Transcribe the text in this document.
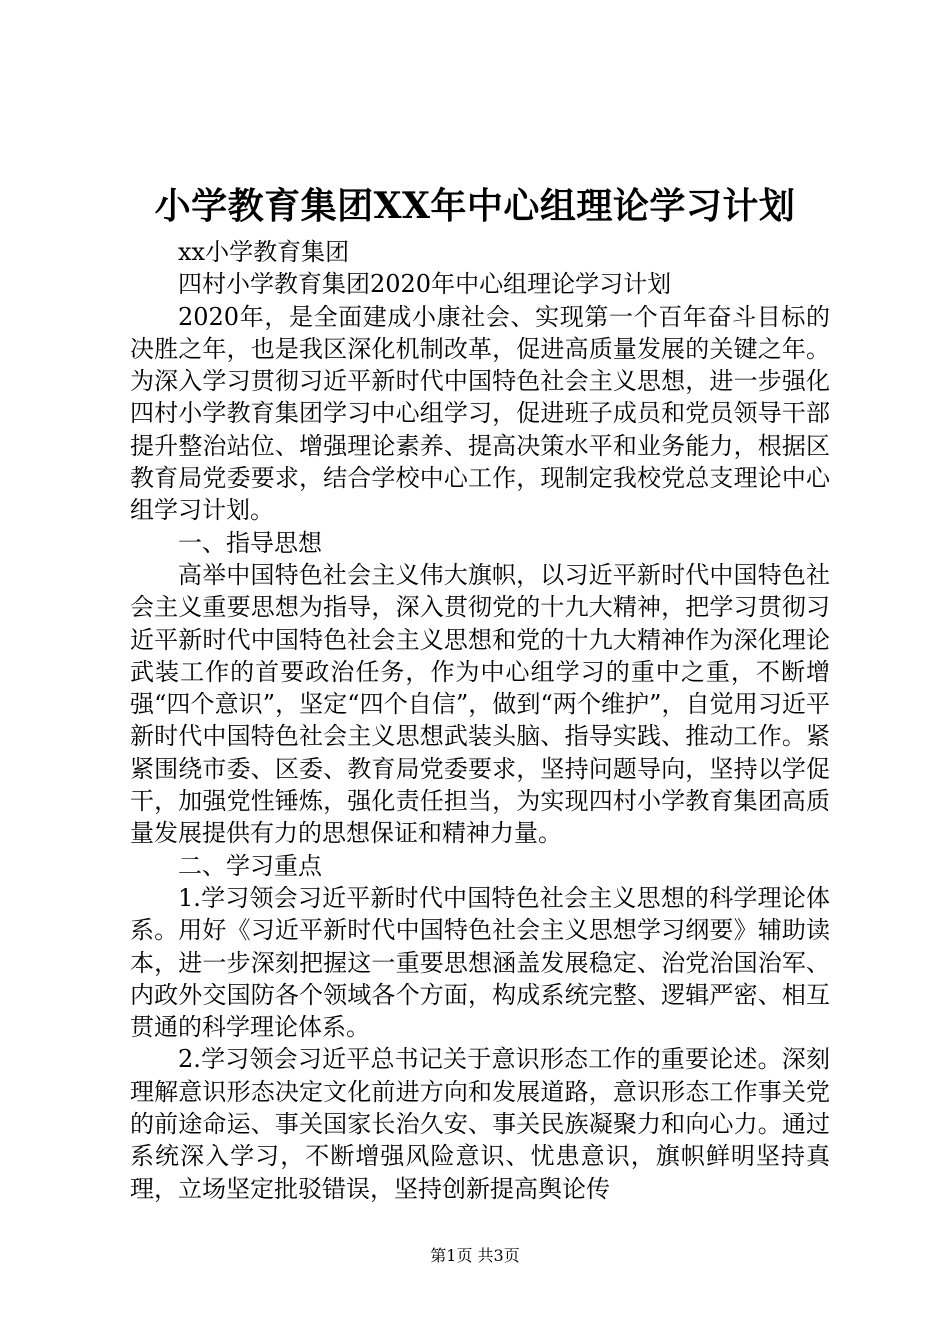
小学教育集团XX年中心组理论学习计划

xx小学教育集团

四村小学教育集团2020年中心组理论学习计划

2020年，是全面建成小康社会、实现第一个百年奋斗目标的决胜之年，也是我区深化机制改革，促进高质量发展的关键之年。为深入学习贯彻习近平新时代中国特色社会主义思想，进一步强化四村小学教育集团学习中心组学习，促进班子成员和党员领导干部提升整治站位、增强理论素养、提高决策水平和业务能力，根据区教育局党委要求，结合学校中心工作，现制定我校党总支理论中心组学习计划。

一、指导思想

高举中国特色社会主义伟大旗帜，以习近平新时代中国特色社会主义重要思想为指导，深入贯彻党的十九大精神，把学习贯彻习近平新时代中国特色社会主义思想和党的十九大精神作为深化理论武装工作的首要政治任务，作为中心组学习的重中之重，不断增强“四个意识”，坚定“四个自信”，做到“两个维护”，自觉用习近平新时代中国特色社会主义思想武装头脑、指导实践、推动工作。紧紧围绕市委、区委、教育局党委要求，坚持问题导向，坚持以学促干，加强党性锤炼，强化责任担当，为实现四村小学教育集团高质量发展提供有力的思想保证和精神力量。

二、学习重点

1.学习领会习近平新时代中国特色社会主义思想的科学理论体系。用好《习近平新时代中国特色社会主义思想学习纲要》辅助读本，进一步深刻把握这一重要思想涵盖发展稳定、治党治国治军、内政外交国防各个领域各个方面，构成系统完整、逻辑严密、相互贯通的科学理论体系。

2.学习领会习近平总书记关于意识形态工作的重要论述。深刻理解意识形态决定文化前进方向和发展道路，意识形态工作事关党的前途命运、事关国家长治久安、事关民族凝聚力和向心力。通过系统深入学习，不断增强风险意识、忧患意识，旗帜鲜明坚持真理，立场坚定批驳错误，坚持创新提高舆论传

第1页 共3页
